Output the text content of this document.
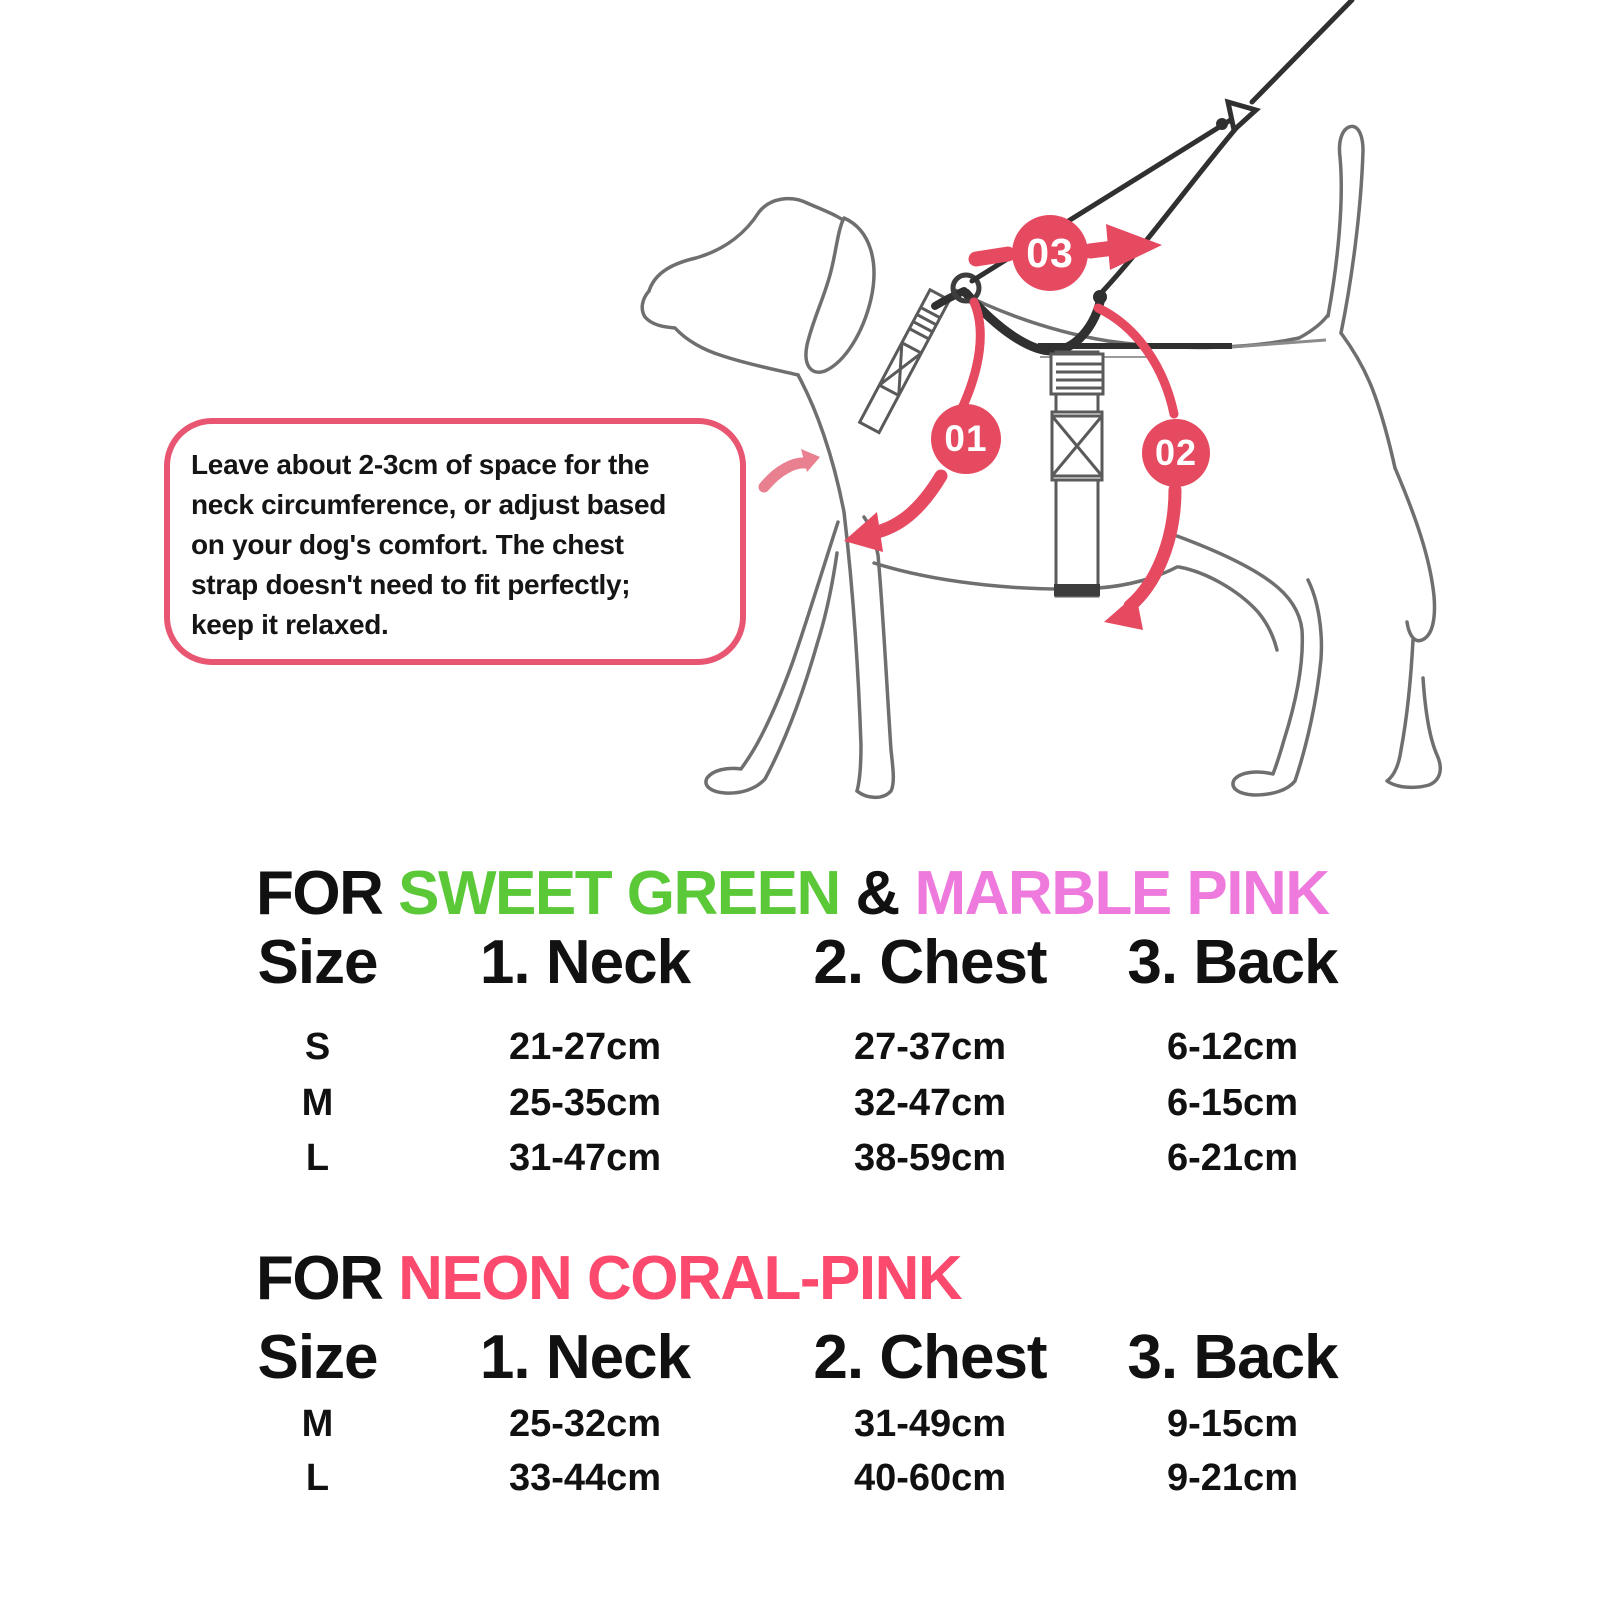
01	02
03
Leave about 2-3cm of space for the
neck circumference, or adjust based
on your dog's comfort. The chest
strap doesn't need to fit perfectly;
keep it relaxed.
FOR SWEET GREEN & MARBLE PINK
Size	1. Neck	2. Chest	3. Back
S	21-27cm	27-37cm	6-12cm
M	25-35cm	32-47cm	6-15cm
L	31-47cm	38-59cm	6-21cm
FOR NEON CORAL-PINK
Size	1. Neck	2. Chest	3. Back
M	25-32cm	31-49cm	9-15cm
L	33-44cm	40-60cm	9-21cm
